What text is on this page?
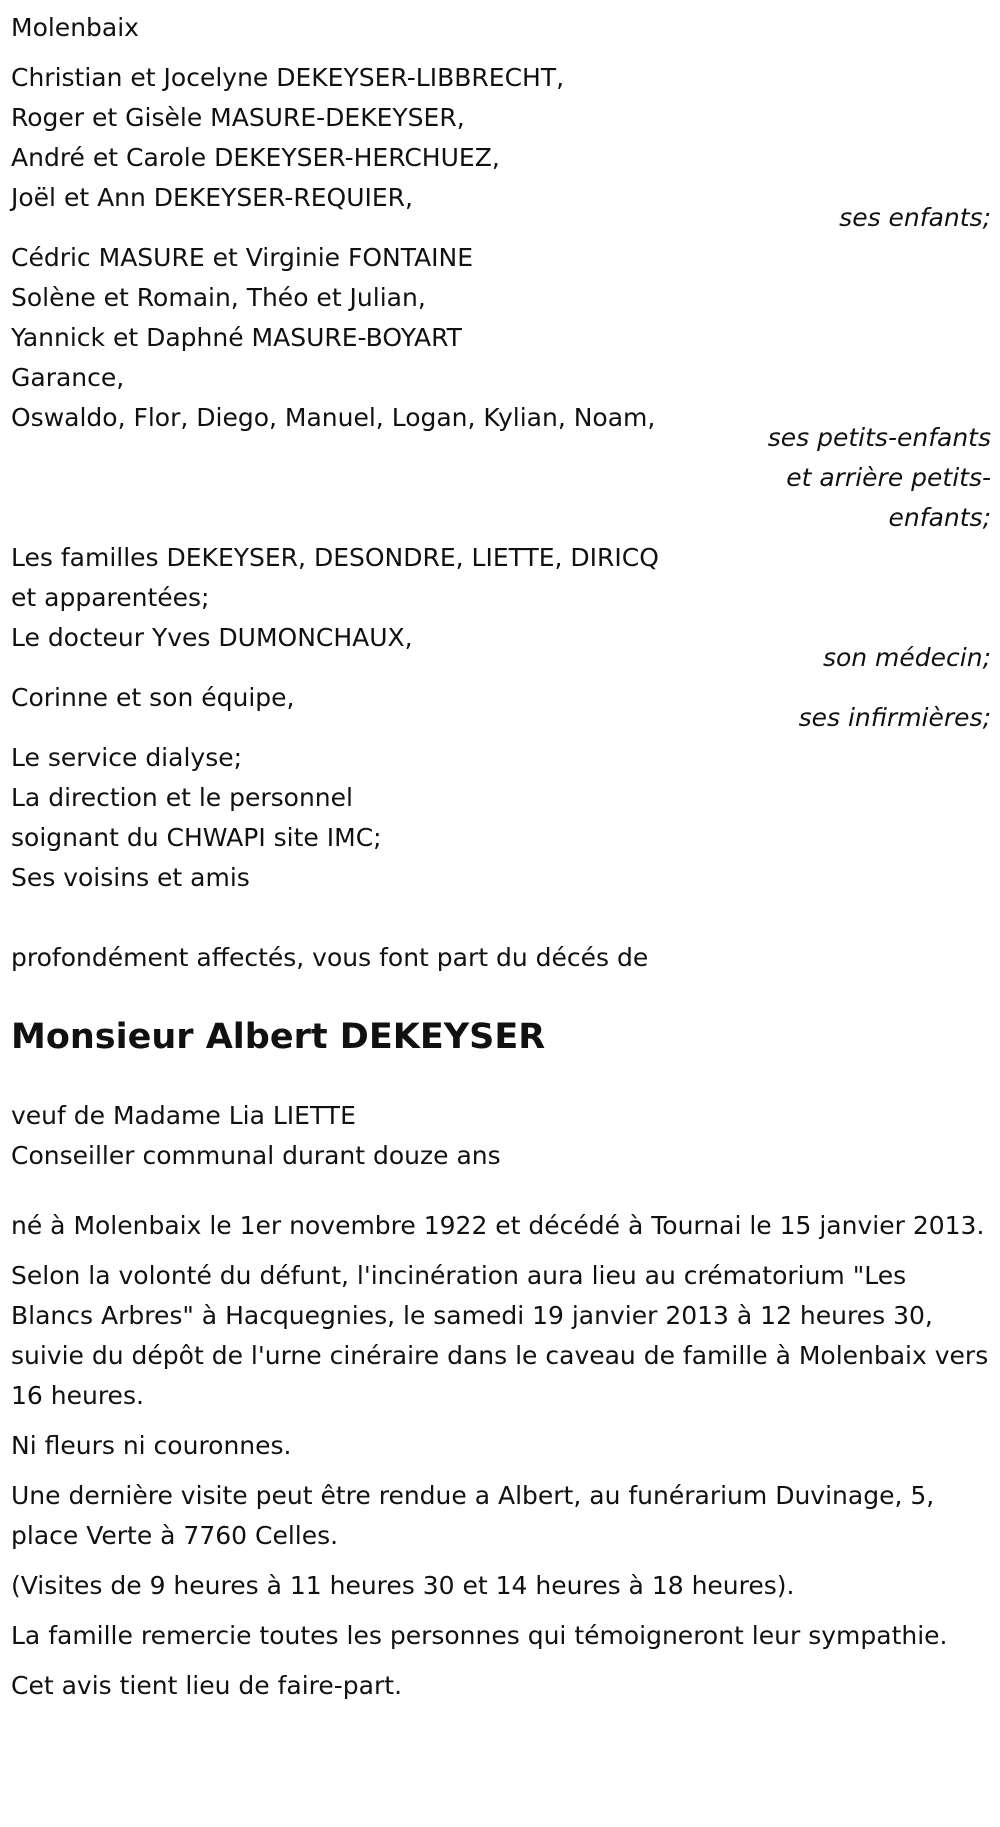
Molenbaix
Christian et Jocelyne DEKEYSER-LIBBRECHT,
Roger et Gisèle MASURE-DEKEYSER,
André et Carole DEKEYSER-HERCHUEZ,
Joël et Ann DEKEYSER-REQUIER,
ses enfants;
Cédric MASURE et Virginie FONTAINE
Solène et Romain, Théo et Julian,
Yannick et Daphné MASURE-BOYART
Garance,
Oswaldo, Flor, Diego, Manuel, Logan, Kylian, Noam,
ses petits-enfants
et arrière petits-
enfants;
Les familles DEKEYSER, DESONDRE, LIETTE, DIRICQ
et apparentées;
Le docteur Yves DUMONCHAUX,
son médecin;
Corinne et son équipe,
ses infirmières;
Le service dialyse;
La direction et le personnel
soignant du CHWAPI site IMC;
Ses voisins et amis
profondément affectés, vous font part du décés de
Monsieur Albert DEKEYSER
veuf de Madame Lia LIETTE
Conseiller communal durant douze ans
né à Molenbaix le 1er novembre 1922 et décédé à Tournai le 15 janvier 2013.
Selon la volonté du défunt, l'incinération aura lieu au crématorium "Les Blancs Arbres" à Hacquegnies, le samedi 19 janvier 2013 à 12 heures 30, suivie du dépôt de l'urne cinéraire dans le caveau de famille à Molenbaix vers 16 heures.
Ni fleurs ni couronnes.
Une dernière visite peut être rendue a Albert, au funérarium Duvinage, 5, place Verte à 7760 Celles.
(Visites de 9 heures à 11 heures 30 et 14 heures à 18 heures).
La famille remercie toutes les personnes qui témoigneront leur sympathie.
Cet avis tient lieu de faire-part.
